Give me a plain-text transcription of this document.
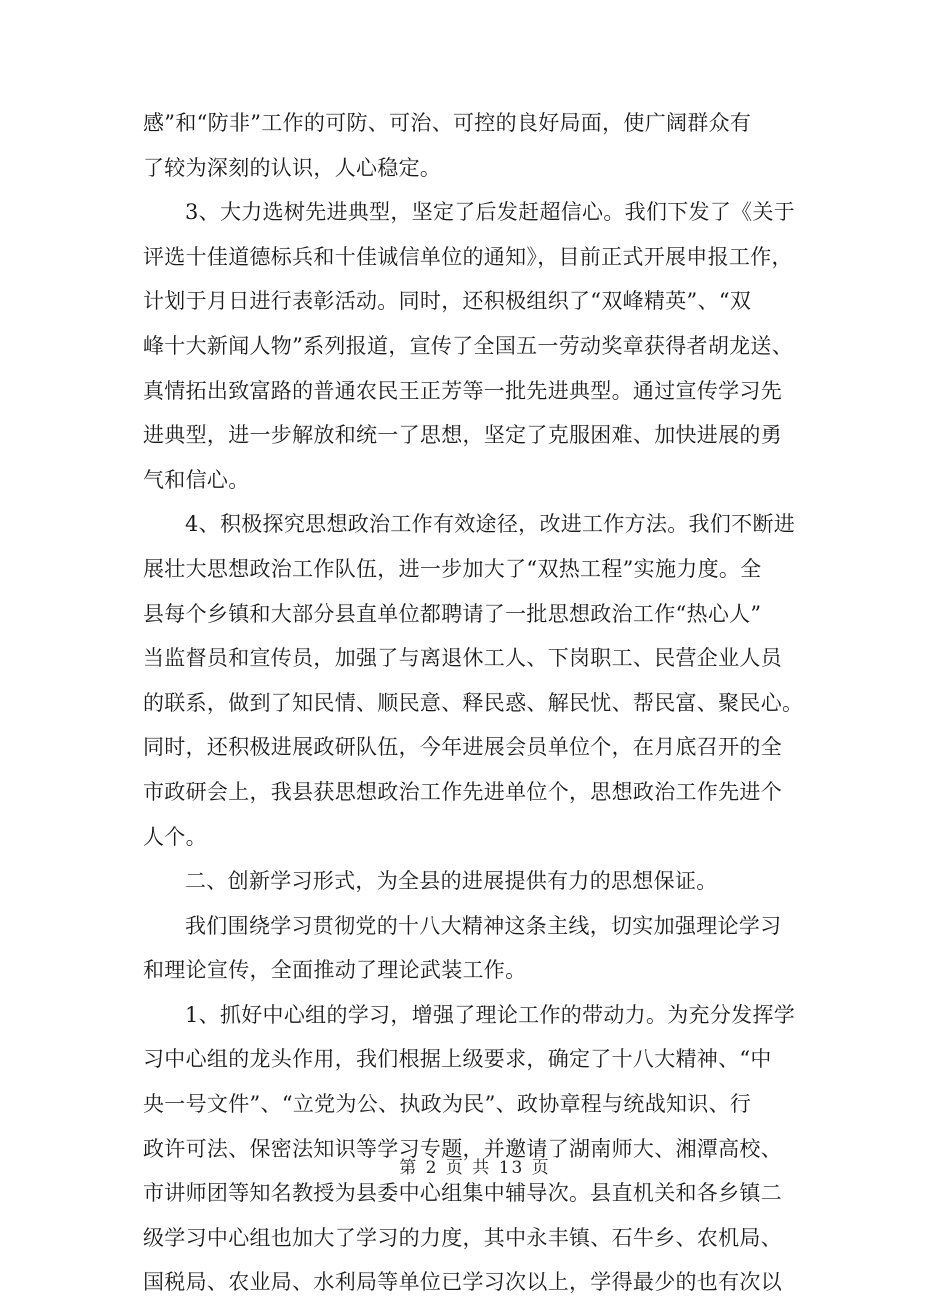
感”和“防非”工作的可防、可治、可控的良好局面，使广阔群众有
了较为深刻的认识，人心稳定。
3、大力选树先进典型，坚定了后发赶超信心。我们下发了《关于
评选十佳道德标兵和十佳诚信单位的通知》，目前正式开展申报工作，
计划于月日进行表彰活动。同时，还积极组织了“双峰精英”、“双
峰十大新闻人物”系列报道，宣传了全国五一劳动奖章获得者胡龙送、
真情拓出致富路的普通农民王正芳等一批先进典型。通过宣传学习先
进典型，进一步解放和统一了思想，坚定了克服困难、加快进展的勇
气和信心。
4、积极探究思想政治工作有效途径，改进工作方法。我们不断进
展壮大思想政治工作队伍，进一步加大了“双热工程”实施力度。全
县每个乡镇和大部分县直单位都聘请了一批思想政治工作“热心人”
当监督员和宣传员，加强了与离退休工人、下岗职工、民营企业人员
的联系，做到了知民情、顺民意、释民惑、解民忧、帮民富、聚民心。
同时，还积极进展政研队伍，今年进展会员单位个，在月底召开的全
市政研会上，我县获思想政治工作先进单位个，思想政治工作先进个
人个。
二、创新学习形式，为全县的进展提供有力的思想保证。
我们围绕学习贯彻党的十八大精神这条主线，切实加强理论学习
和理论宣传，全面推动了理论武装工作。
1、抓好中心组的学习，增强了理论工作的带动力。为充分发挥学
习中心组的龙头作用，我们根据上级要求，确定了十八大精神、“中
央一号文件”、“立党为公、执政为民”、政协章程与统战知识、行
政许可法、保密法知识等学习专题，并邀请了湖南师大、湘潭高校、
市讲师团等知名教授为县委中心组集中辅导次。县直机关和各乡镇二
级学习中心组也加大了学习的力度，其中永丰镇、石牛乡、农机局、
国税局、农业局、水利局等单位已学习次以上，学得最少的也有次以
第 2 页 共 13 页
